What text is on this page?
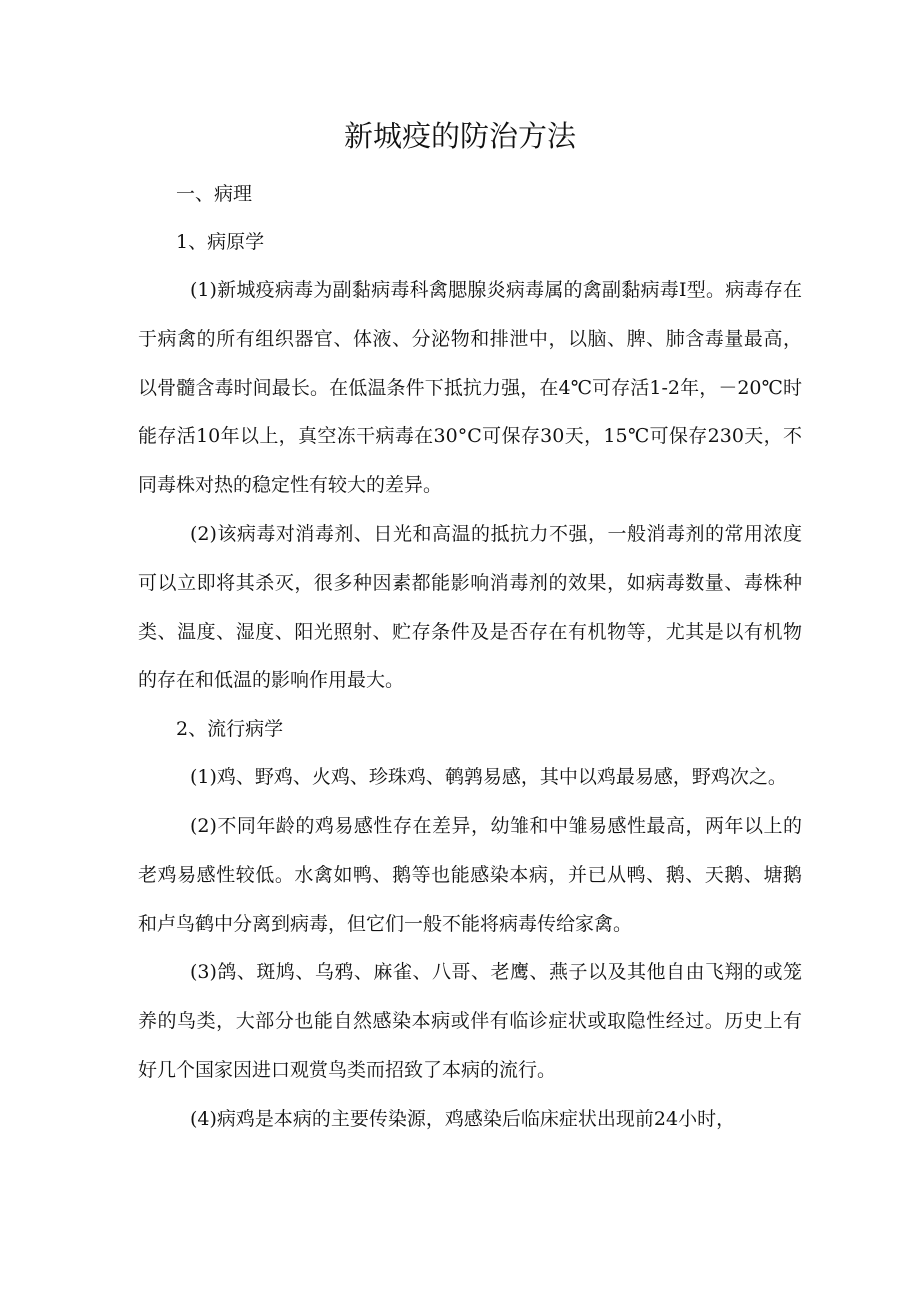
新城疫的防治方法

一、病理

1、病原学

(1)新城疫病毒为副黏病毒科禽腮腺炎病毒属的禽副黏病毒Ⅰ型。病毒存在于病禽的所有组织器官、体液、分泌物和排泄中，以脑、脾、肺含毒量最高，以骨髓含毒时间最长。在低温条件下抵抗力强，在4℃可存活1-2年，－20℃时能存活10年以上，真空冻干病毒在30°C可保存30天，15℃可保存230天，不同毒株对热的稳定性有较大的差异。

(2)该病毒对消毒剂、日光和高温的抵抗力不强，一般消毒剂的常用浓度可以立即将其杀灭，很多种因素都能影响消毒剂的效果，如病毒数量、毒株种类、温度、湿度、阳光照射、贮存条件及是否存在有机物等，尤其是以有机物的存在和低温的影响作用最大。

2、流行病学

(1)鸡、野鸡、火鸡、珍珠鸡、鹌鹑易感，其中以鸡最易感，野鸡次之。

(2)不同年龄的鸡易感性存在差异，幼雏和中雏易感性最高，两年以上的老鸡易感性较低。水禽如鸭、鹅等也能感染本病，并已从鸭、鹅、天鹅、塘鹅和卢鸟鹤中分离到病毒，但它们一般不能将病毒传给家禽。

(3)鸽、斑鸠、乌鸦、麻雀、八哥、老鹰、燕子以及其他自由飞翔的或笼养的鸟类，大部分也能自然感染本病或伴有临诊症状或取隐性经过。历史上有好几个国家因进口观赏鸟类而招致了本病的流行。

(4)病鸡是本病的主要传染源，鸡感染后临床症状出现前24小时，
